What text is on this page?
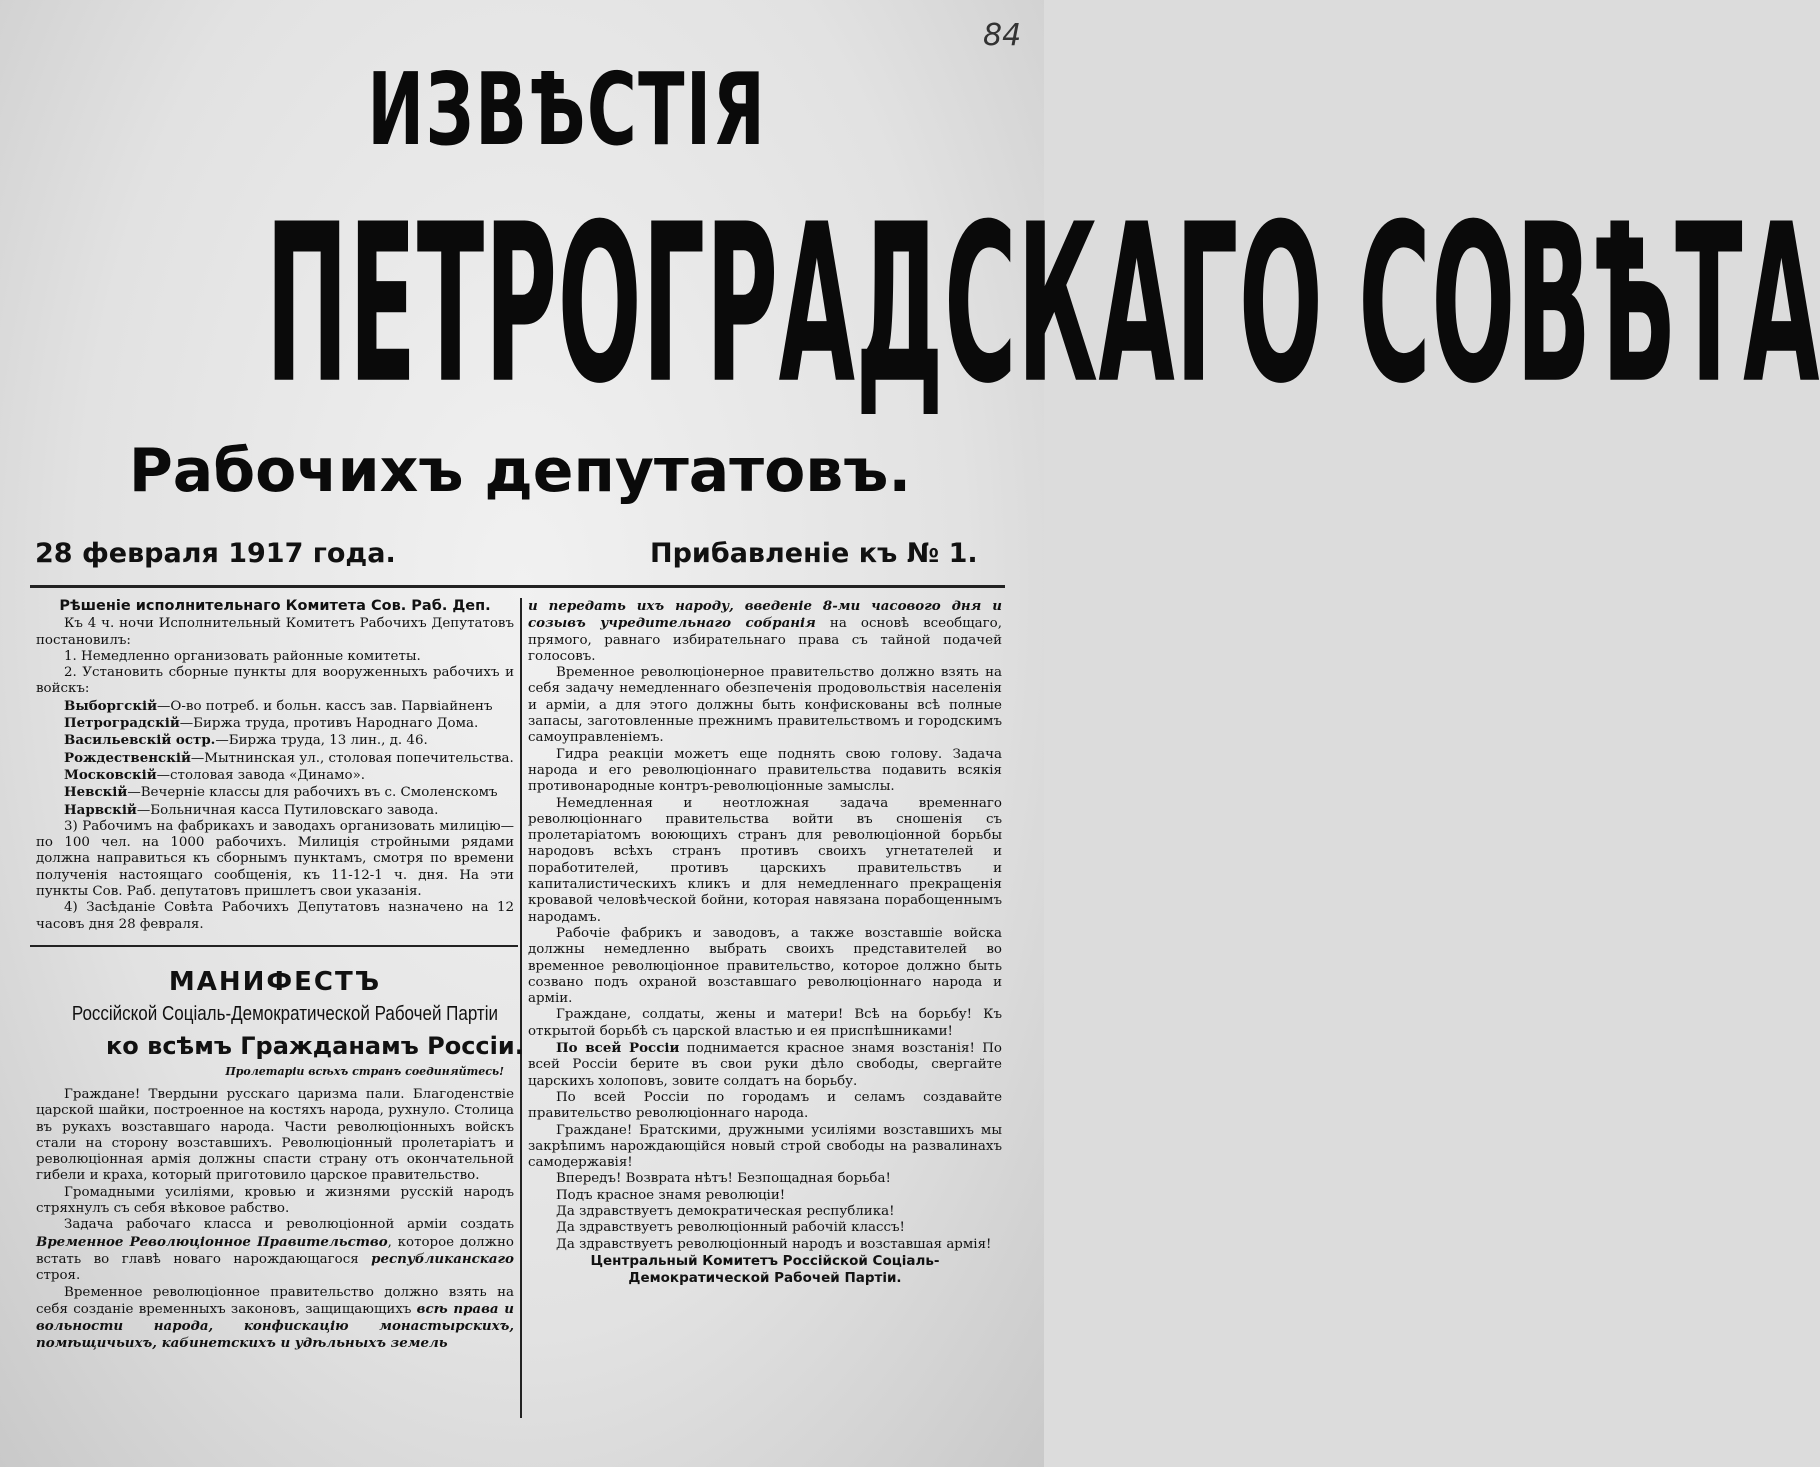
84
ИЗВѢСТІЯ
ПЕТРОГРАДСКАГО СОВѢТА
Рабочихъ депутатовъ.
28 февраля 1917 года.	Прибавленіе къ № 1.

Рѣшеніе исполнительнаго Комитета Сов. Раб. Деп.

Къ 4 ч. ночи Исполнительный Комитетъ Рабочихъ Депутатовъ постановилъ:

1. Немедленно организовать районные комитеты.

2. Установить сборные пункты для вооруженныхъ рабочихъ и войскъ:

Выборгскій—О-во потреб. и больн. кассъ зав. Парвіайненъ

Петроградскій—Биржа труда, противъ Народнаго Дома.

Васильевскій остр.—Биржа труда, 13 лин., д. 46.

Рождественскій—Мытнинская ул., столовая попечительства.

Московскій—столовая завода «Динамо».

Невскій—Вечерніе классы для рабочихъ въ с. Смоленскомъ

Нарвскій—Больничная касса Путиловскаго завода.

3) Рабочимъ на фабрикахъ и заводахъ организовать милицію—по 100 чел. на 1000 рабочихъ. Милиція стройными рядами должна направиться къ сборнымъ пунктамъ, смотря по времени полученія настоящаго сообщенія, къ 11-12-1 ч. дня. На эти пункты Сов. Раб. депутатовъ пришлетъ свои указанія.

4) Засѣданіе Совѣта Рабочихъ Депутатовъ назначено на 12 часовъ дня 28 февраля.

МАНИФЕСТЪ
Россійской Соціаль-Демократической Рабочей Партіи
ко всѣмъ Гражданамъ Россіи.
Пролетаріи всѣхъ странъ соединяйтесь!

Граждане! Твердыни русскаго царизма пали. Благоденствіе царской шайки, построенное на костяхъ народа, рухнуло. Столица въ рукахъ возставшаго народа. Части революціонныхъ войскъ стали на сторону возставшихъ. Революціонный пролетаріатъ и революціонная армія должны спасти страну отъ окончательной гибели и краха, который приготовило царское правительство.

Громадными усиліями, кровью и жизнями русскій народъ стряхнулъ съ себя вѣковое рабство.

Задача рабочаго класса и революціонной арміи создать Временное Революціонное Правительство, которое должно встать во главѣ новаго нарождающагося республиканскаго строя.

Временное революціонное правительство должно взять на себя созданіе временныхъ законовъ, защищающихъ всѣ права и вольности народа, конфискацію монастырскихъ, помѣщичьихъ, кабинетскихъ и удѣльныхъ земель

и передать ихъ народу, введеніе 8-ми часового дня и созывъ учредительнаго собранія на основѣ всеобщаго, прямого, равнаго избирательнаго права съ тайной подачей голосовъ.

Временное революціонерное правительство должно взять на себя задачу немедленнаго обезпеченія продовольствія населенія и арміи, а для этого должны быть конфискованы всѣ полные запасы, заготовленные прежнимъ правительствомъ и городскимъ самоуправленіемъ.

Гидра реакціи можетъ еще поднять свою голову. Задача народа и его революціоннаго правительства подавить всякія противонародные контръ-революціонные замыслы.

Немедленная и неотложная задача временнаго революціоннаго правительства войти въ сношенія съ пролетаріатомъ воюющихъ странъ для революціонной борьбы народовъ всѣхъ странъ противъ своихъ угнетателей и поработителей, противъ царскихъ правительствъ и капиталистическихъ кликъ и для немедленнаго прекращенія кровавой человѣческой бойни, которая навязана порабощеннымъ народамъ.

Рабочіе фабрикъ и заводовъ, а также возставшіе войска должны немедленно выбрать своихъ представителей во временное революціонное правительство, которое должно быть созвано подъ охраной возставшаго революціоннаго народа и арміи.

Граждане, солдаты, жены и матери! Всѣ на борьбу! Къ открытой борьбѣ съ царской властью и ея приспѣшниками!

По всей Россіи поднимается красное знамя возстанія! По всей Россіи берите въ свои руки дѣло свободы, свергайте царскихъ холоповъ, зовите солдатъ на борьбу.

По всей Россіи по городамъ и селамъ создавайте правительство революціоннаго народа.

Граждане! Братскими, дружными усиліями возставшихъ мы закрѣпимъ нарождающійся новый строй свободы на развалинахъ самодержавія!

Впередъ! Возврата нѣтъ! Безпощадная борьба!

Подъ красное знамя революціи!

Да здравствуетъ демократическая республика!

Да здравствуетъ революціонный рабочій классъ!

Да здравствуетъ революціонный народъ и возставшая армія!

Центральный Комитетъ Россійской Соціаль-Демократической Рабочей Партіи.
